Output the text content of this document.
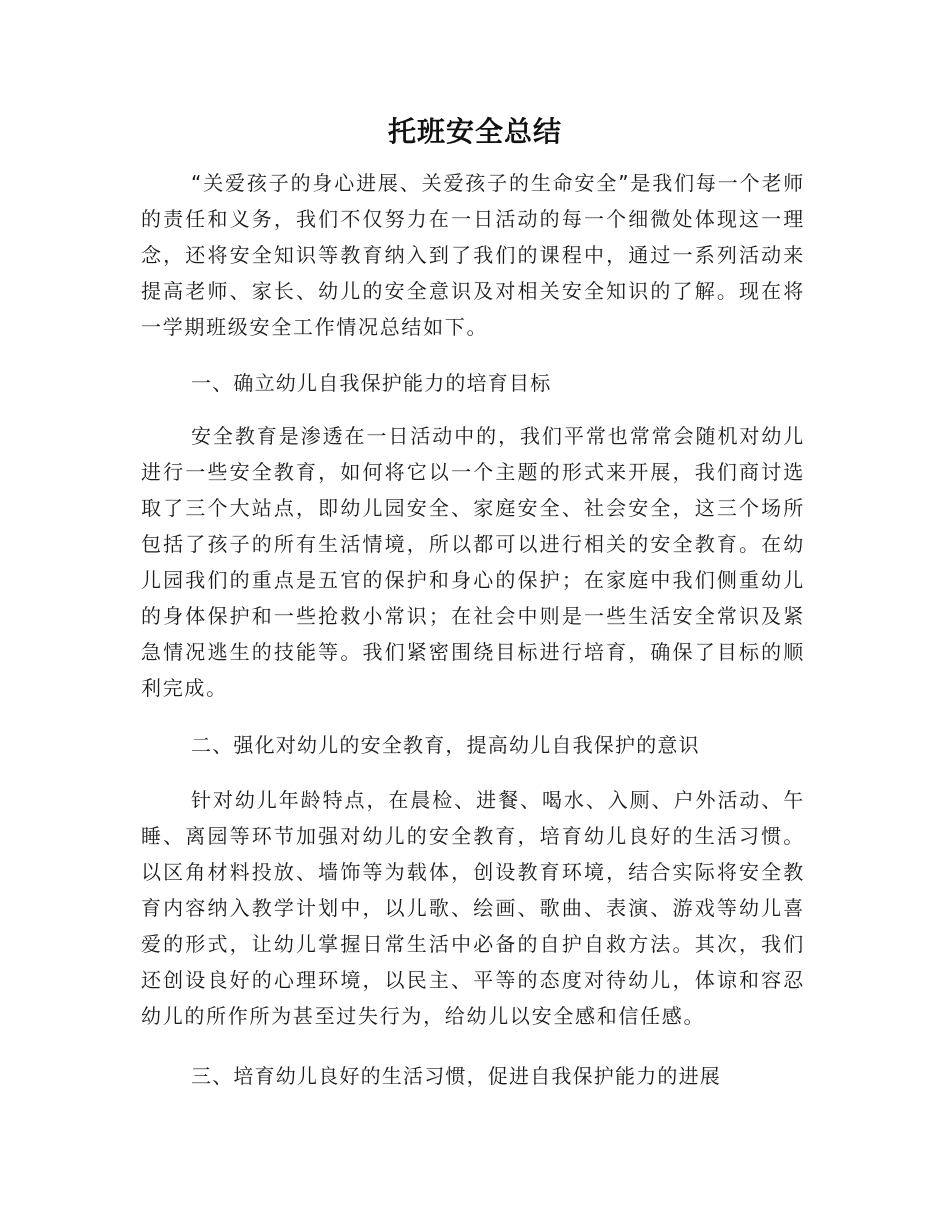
托班安全总结

“关爱孩子的身心进展、关爱孩子的生命安全”是我们每一个老师的责任和义务，我们不仅努力在一日活动的每一个细微处体现这一理念，还将安全知识等教育纳入到了我们的课程中，通过一系列活动来提高老师、家长、幼儿的安全意识及对相关安全知识的了解。现在将一学期班级安全工作情况总结如下。

一、确立幼儿自我保护能力的培育目标

安全教育是渗透在一日活动中的，我们平常也常常会随机对幼儿进行一些安全教育，如何将它以一个主题的形式来开展，我们商讨选取了三个大站点，即幼儿园安全、家庭安全、社会安全，这三个场所包括了孩子的所有生活情境，所以都可以进行相关的安全教育。在幼儿园我们的重点是五官的保护和身心的保护；在家庭中我们侧重幼儿的身体保护和一些抢救小常识；在社会中则是一些生活安全常识及紧急情况逃生的技能等。我们紧密围绕目标进行培育，确保了目标的顺利完成。

二、强化对幼儿的安全教育，提高幼儿自我保护的意识

针对幼儿年龄特点，在晨检、进餐、喝水、入厕、户外活动、午睡、离园等环节加强对幼儿的安全教育，培育幼儿良好的生活习惯。以区角材料投放、墙饰等为载体，创设教育环境，结合实际将安全教育内容纳入教学计划中，以儿歌、绘画、歌曲、表演、游戏等幼儿喜爱的形式，让幼儿掌握日常生活中必备的自护自救方法。其次，我们还创设良好的心理环境，以民主、平等的态度对待幼儿，体谅和容忍幼儿的所作所为甚至过失行为，给幼儿以安全感和信任感。

三、培育幼儿良好的生活习惯，促进自我保护能力的进展
